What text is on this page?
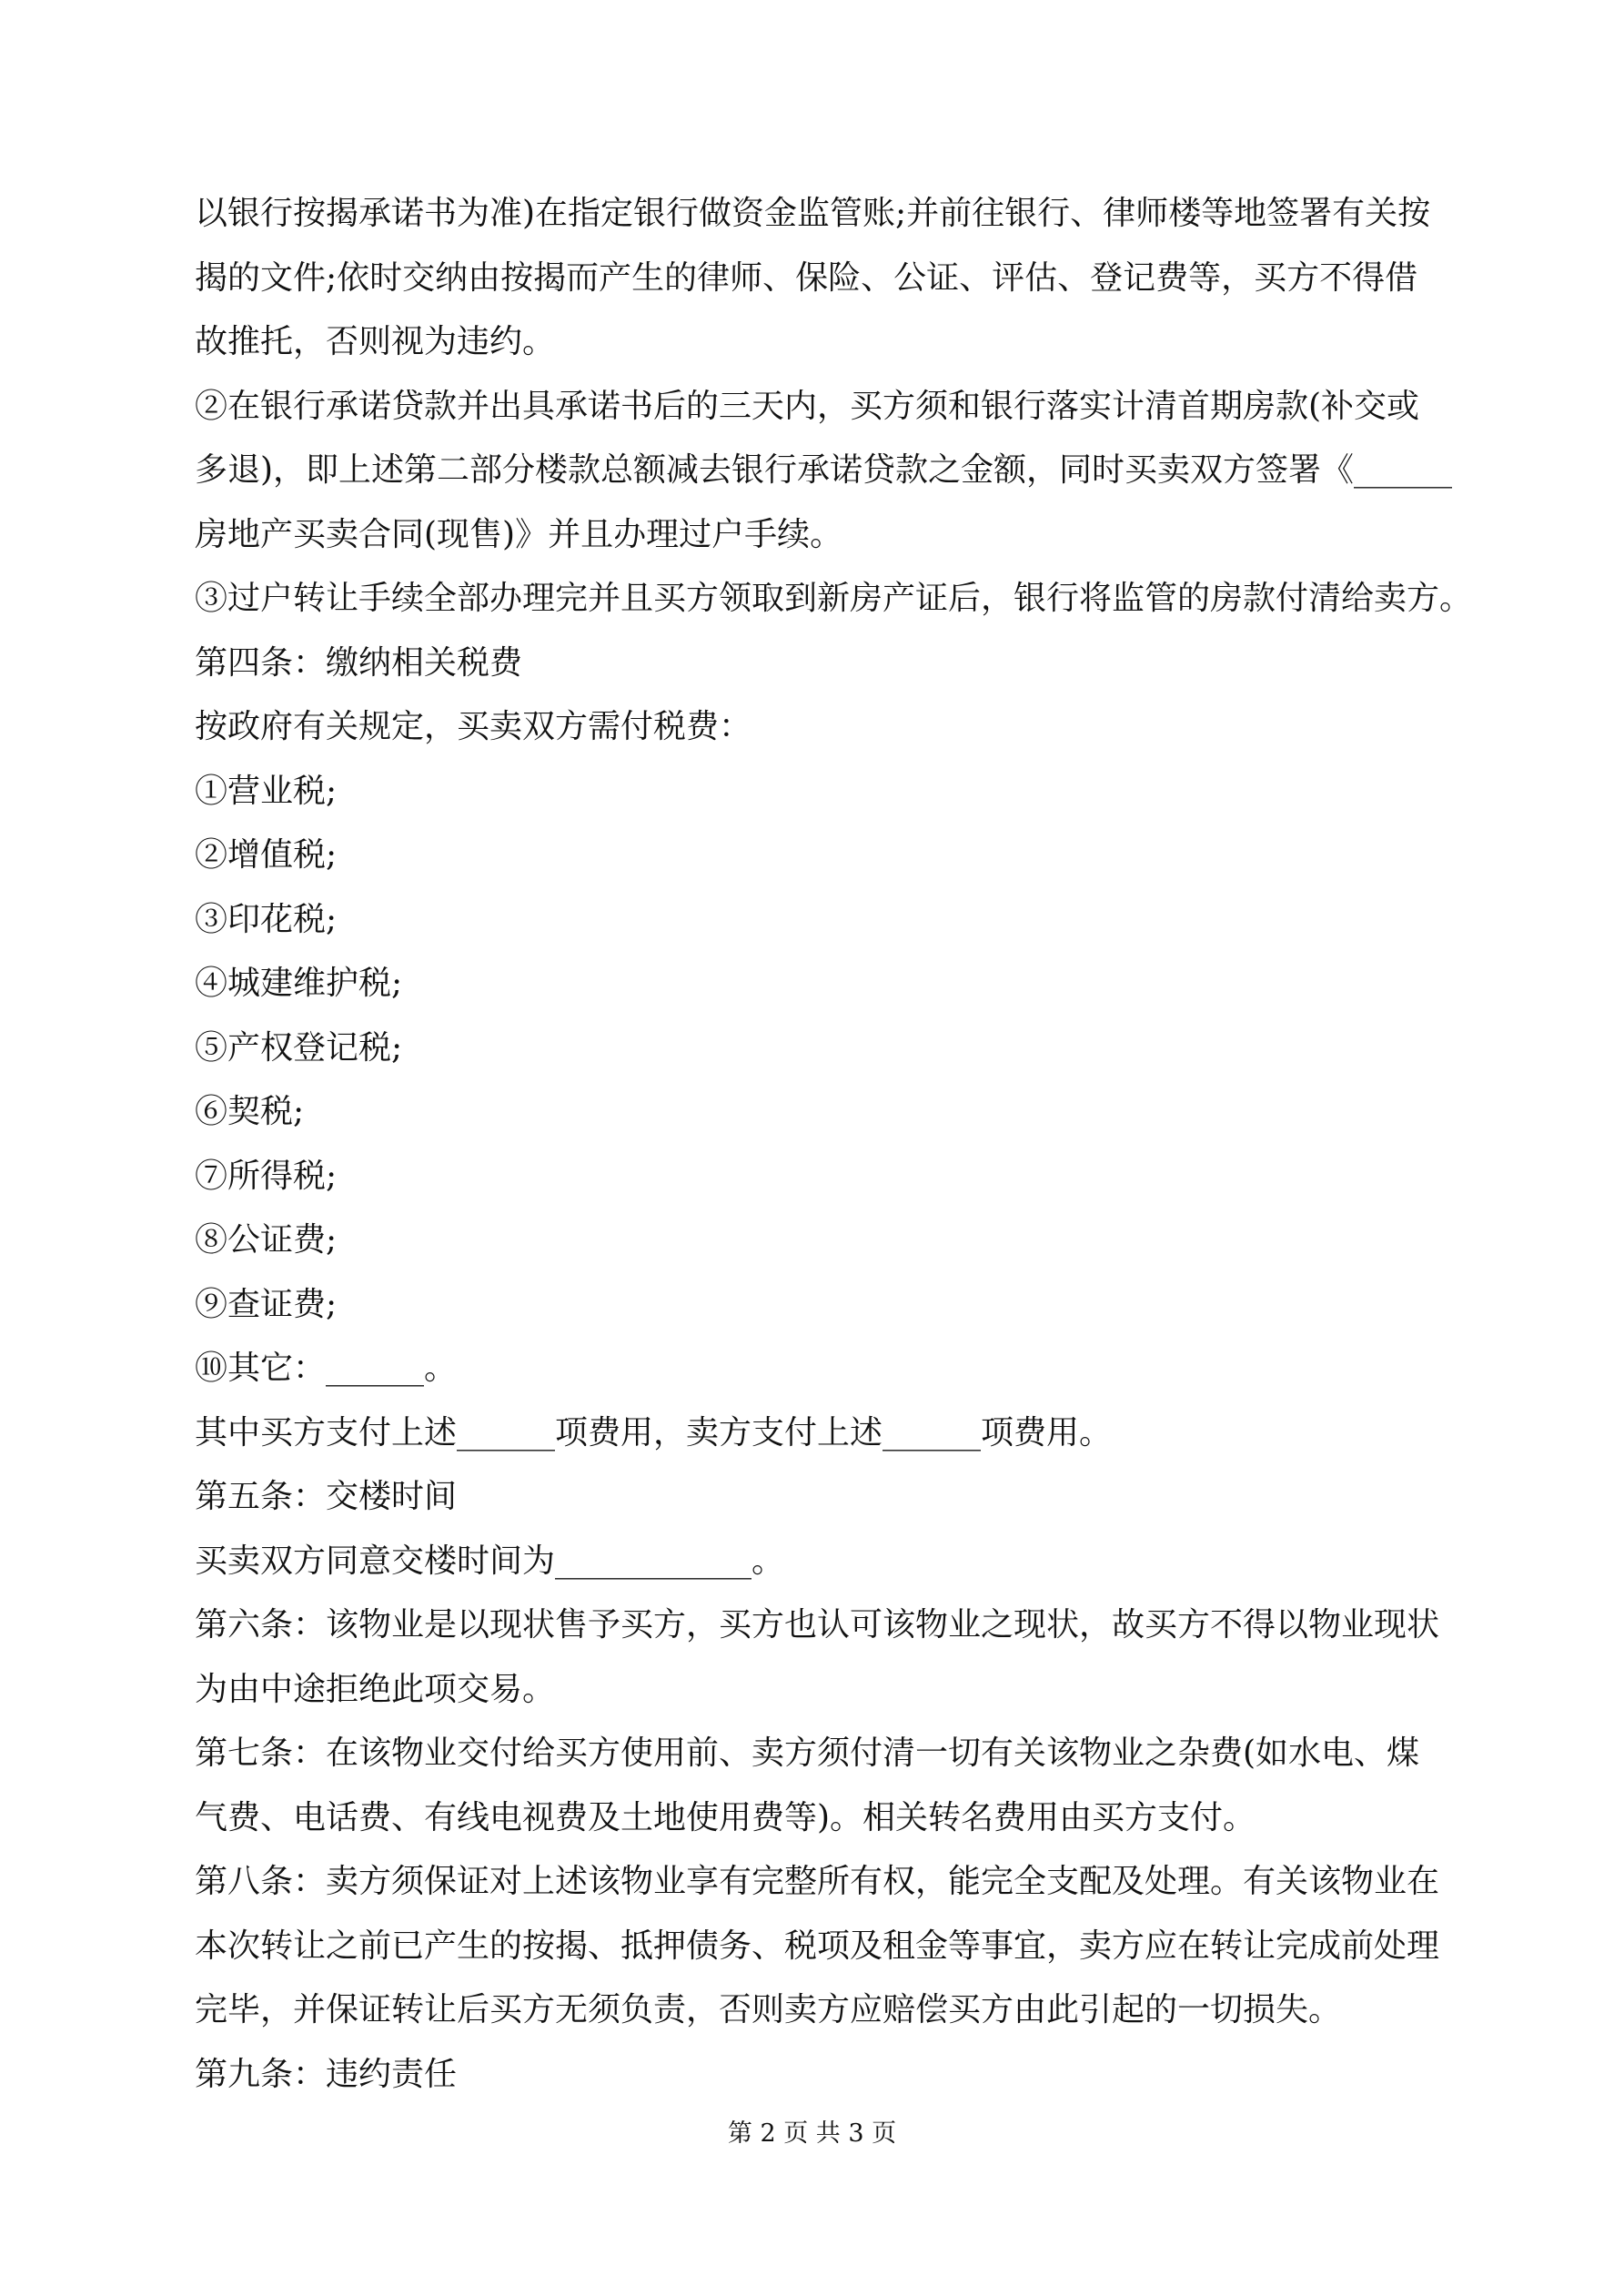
以银行按揭承诺书为准)在指定银行做资金监管账;并前往银行、律师楼等地签署有关按
揭的文件;依时交纳由按揭而产生的律师、保险、公证、评估、登记费等，买方不得借
故推托，否则视为违约。
②在银行承诺贷款并出具承诺书后的三天内，买方须和银行落实计清首期房款(补交或
多退)，即上述第二部分楼款总额减去银行承诺贷款之金额，同时买卖双方签署《______
房地产买卖合同(现售)》并且办理过户手续。
③过户转让手续全部办理完并且买方领取到新房产证后，银行将监管的房款付清给卖方。
第四条：缴纳相关税费
按政府有关规定，买卖双方需付税费：
①营业税;
②增值税;
③印花税;
④城建维护税;
⑤产权登记税;
⑥契税;
⑦所得税;
⑧公证费;
⑨查证费;
⑩其它：______。
其中买方支付上述______项费用，卖方支付上述______项费用。
第五条：交楼时间
买卖双方同意交楼时间为____________。
第六条：该物业是以现状售予买方，买方也认可该物业之现状，故买方不得以物业现状
为由中途拒绝此项交易。
第七条：在该物业交付给买方使用前、卖方须付清一切有关该物业之杂费(如水电、煤
气费、电话费、有线电视费及土地使用费等)。相关转名费用由买方支付。
第八条：卖方须保证对上述该物业享有完整所有权，能完全支配及处理。有关该物业在
本次转让之前已产生的按揭、抵押债务、税项及租金等事宜，卖方应在转让完成前处理
完毕，并保证转让后买方无须负责，否则卖方应赔偿买方由此引起的一切损失。
第九条：违约责任
第 2 页 共 3 页
